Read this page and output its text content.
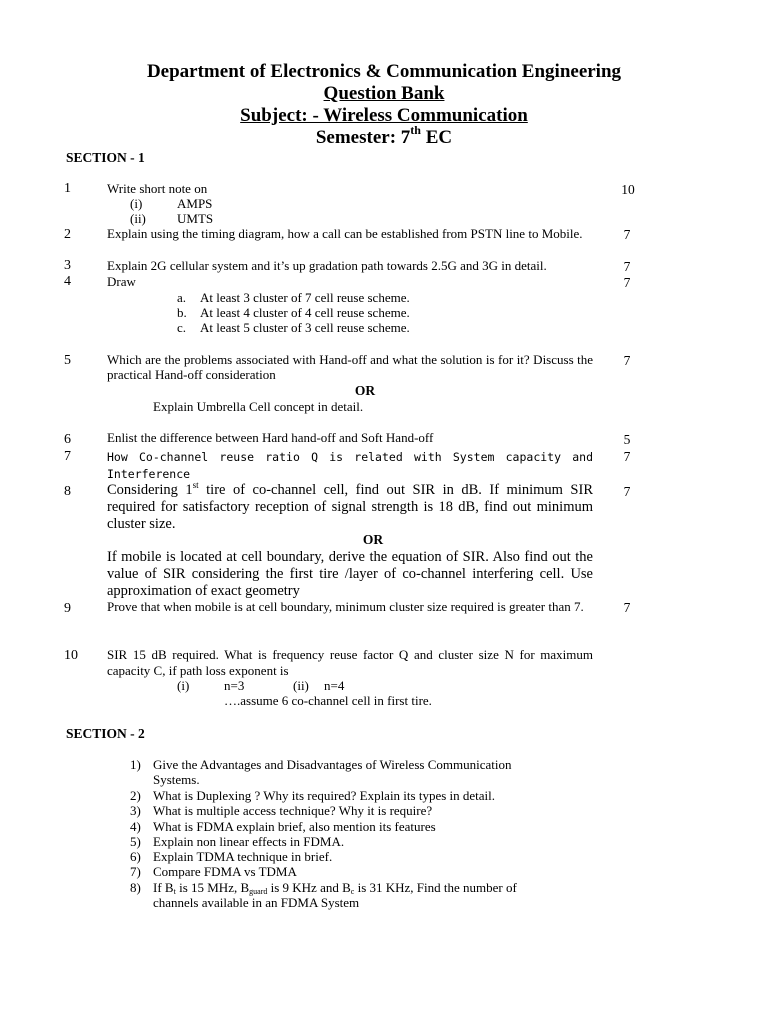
Department of Electronics & Communication Engineering
Question Bank
Subject: - Wireless Communication
Semester: 7th EC
SECTION - 1
1	Write short note on
(i)	AMPS
(ii) UMTS
10
2	Explain using the timing diagram, how a call can be established from PSTN line to Mobile.	7
3	Explain 2G cellular system and it’s up gradation path towards 2.5G and 3G in detail.	7
4	Draw	7
a. At least 3 cluster of 7 cell reuse scheme.
b. At least 4 cluster of 4 cell reuse scheme.
c. At least 5 cluster of 3 cell reuse scheme.
5	Which are the problems associated with Hand-off and what the solution is for it? Discuss the practical Hand-off consideration
7
OR
Explain Umbrella Cell concept in detail.
6	Enlist the difference between Hard hand-off and Soft Hand-off	5
7	How Co-channel reuse ratio Q is related with System capacity and Interference
7
8 Considering 1st tire of co-channel cell, find out SIR in dB. If minimum SIR required for satisfactory reception of signal strength is 18 dB, find out minimum cluster size.
7
OR
If mobile is located at cell boundary, derive the equation of SIR. Also find out the value of SIR considering the first tire /layer of co-channel interfering cell. Use approximation of exact geometry
9	Prove that when mobile is at cell boundary, minimum cluster size required is greater than 7.	7
10 SIR 15 dB required. What is frequency reuse factor Q and cluster size N for maximum capacity C, if path loss exponent is
(i)	n=3	(ii) n=4
….assume 6 co-channel cell in first tire.
SECTION - 2
1) Give the Advantages and Disadvantages of Wireless Communication
Systems.
2) What is Duplexing ? Why its required? Explain its types in detail.
3) What is multiple access technique? Why it is require?
4) What is FDMA explain brief, also mention its features
5) Explain non linear effects in FDMA.
6) Explain TDMA technique in brief.
7) Compare FDMA vs TDMA
8) If $B_t$ is 15 MHz, $B_{guard}$ is 9 KHz and $B_c$ is 31 KHz, Find the number of
channels available in an FDMA System
